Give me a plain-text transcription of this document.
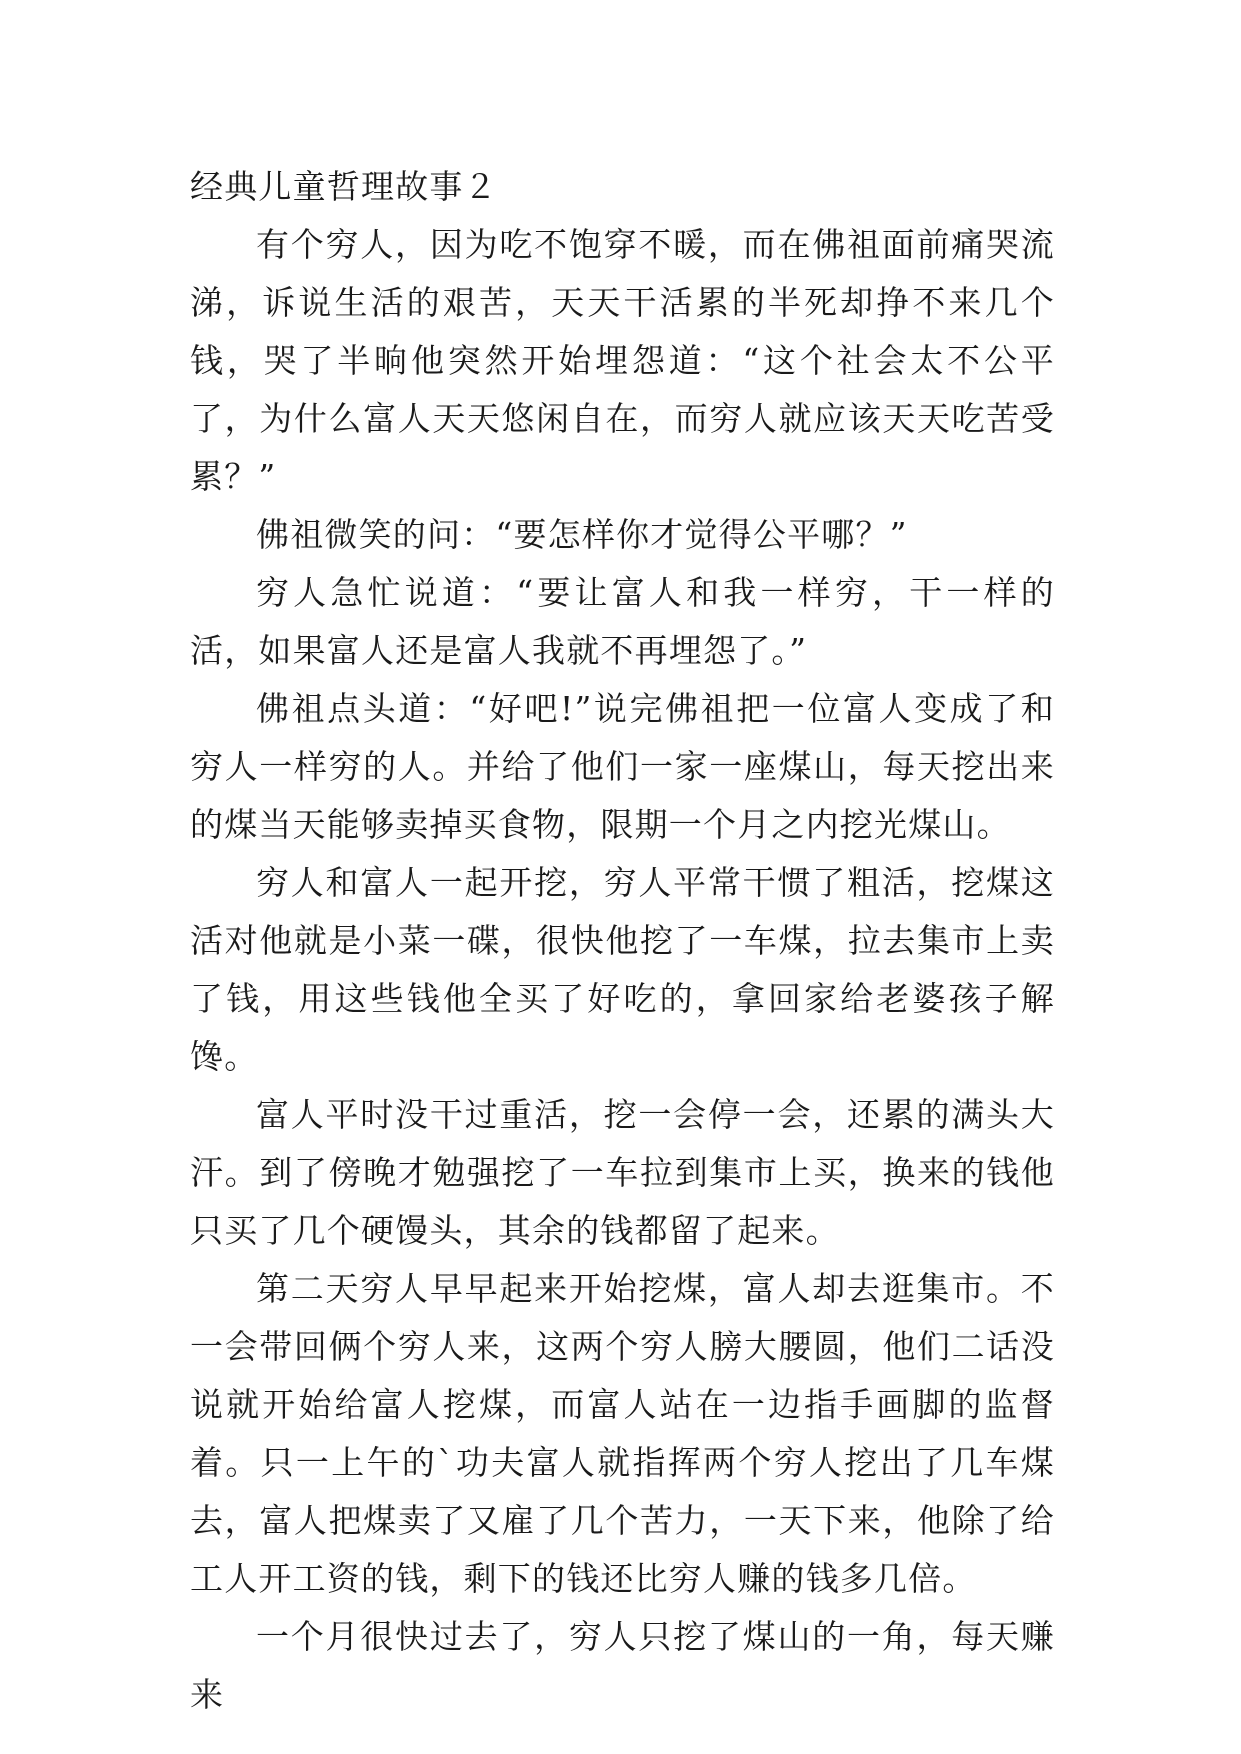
经典儿童哲理故事２

有个穷人，因为吃不饱穿不暖，而在佛祖面前痛哭流涕，诉说生活的艰苦，天天干活累的半死却挣不来几个钱，哭了半晌他突然开始埋怨道：“这个社会太不公平了，为什么富人天天悠闲自在，而穷人就应该天天吃苦受累？”

佛祖微笑的问：“要怎样你才觉得公平哪？”

穷人急忙说道：“要让富人和我一样穷，干一样的活，如果富人还是富人我就不再埋怨了。”

佛祖点头道：“好吧!”说完佛祖把一位富人变成了和穷人一样穷的人。并给了他们一家一座煤山，每天挖出来的煤当天能够卖掉买食物，限期一个月之内挖光煤山。

穷人和富人一起开挖，穷人平常干惯了粗活，挖煤这活对他就是小菜一碟，很快他挖了一车煤，拉去集市上卖了钱，用这些钱他全买了好吃的，拿回家给老婆孩子解馋。

富人平时没干过重活，挖一会停一会，还累的满头大汗。到了傍晚才勉强挖了一车拉到集市上买，换来的钱他只买了几个硬馒头，其余的钱都留了起来。

第二天穷人早早起来开始挖煤，富人却去逛集市。不一会带回俩个穷人来，这两个穷人膀大腰圆，他们二话没说就开始给富人挖煤，而富人站在一边指手画脚的监督着。只一上午的`功夫富人就指挥两个穷人挖出了几车煤去，富人把煤卖了又雇了几个苦力，一天下来，他除了给工人开工资的钱，剩下的钱还比穷人赚的钱多几倍。

一个月很快过去了，穷人只挖了煤山的一角，每天赚来
